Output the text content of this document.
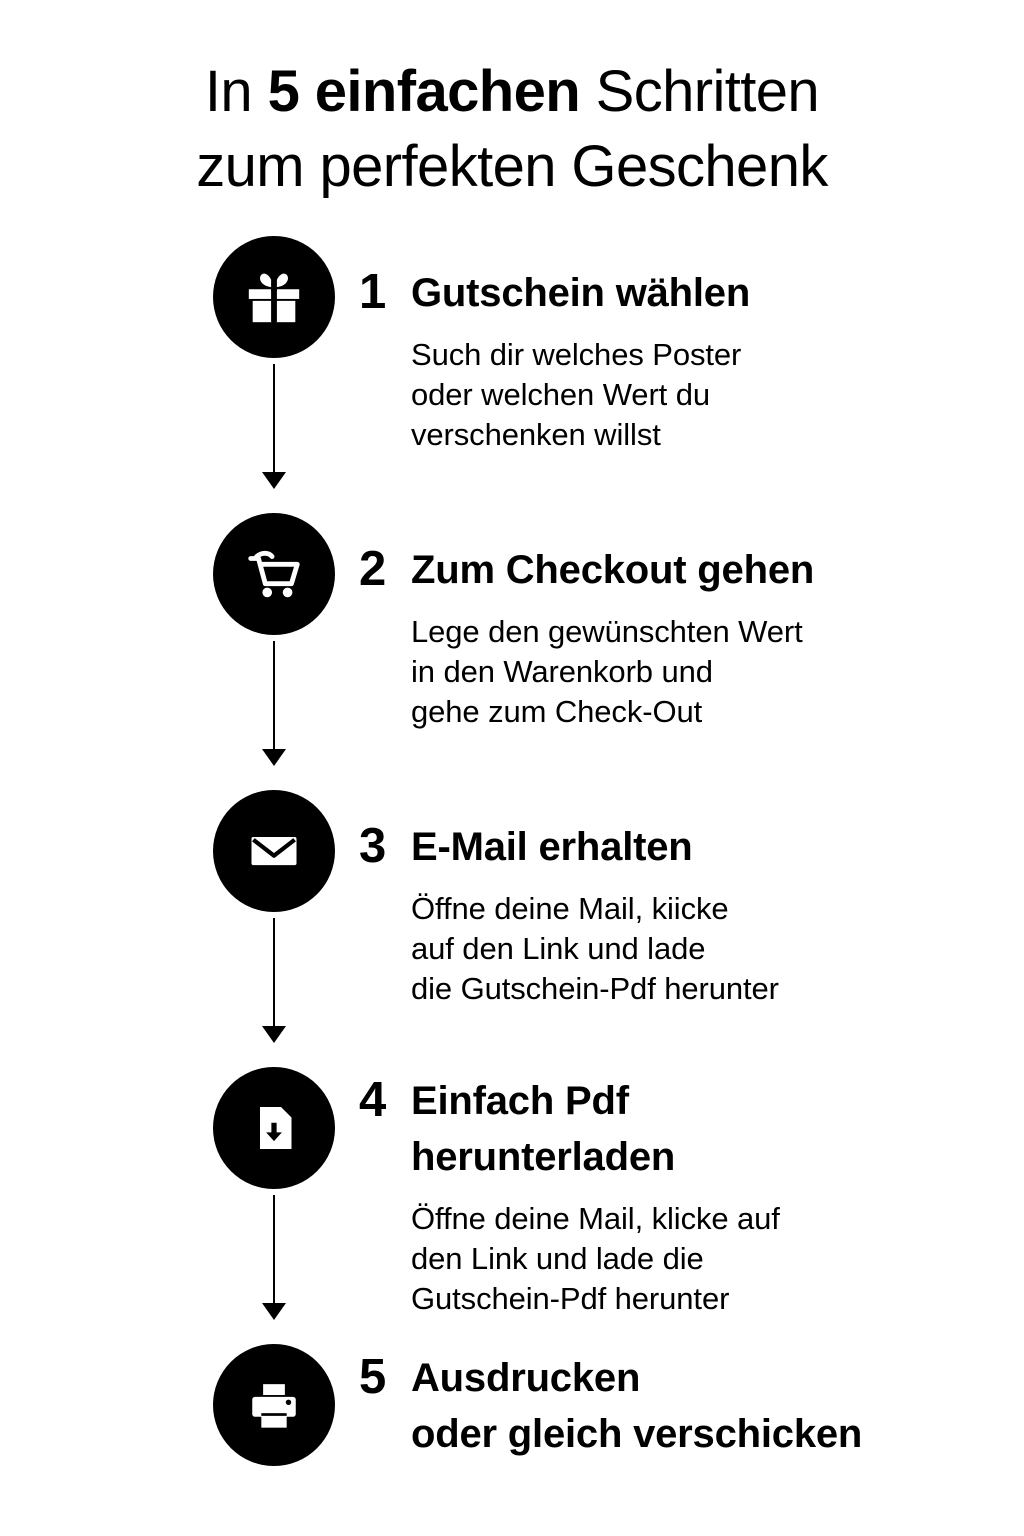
In 5 einfachen Schritten
zum perfekten Geschenk
1 Gutschein wählen
Such dir welches Poster
oder welchen Wert du
verschenken willst
2 Zum Checkout gehen
Lege den gewünschten Wert
in den Warenkorb und
gehe zum Check-Out
3 E-Mail erhalten
Öffne deine Mail, kiicke
auf den Link und lade
die Gutschein-Pdf herunter
4 Einfach Pdf
herunterladen
Öffne deine Mail, klicke auf
den Link und lade die
Gutschein-Pdf herunter
5 Ausdrucken
oder gleich verschicken
